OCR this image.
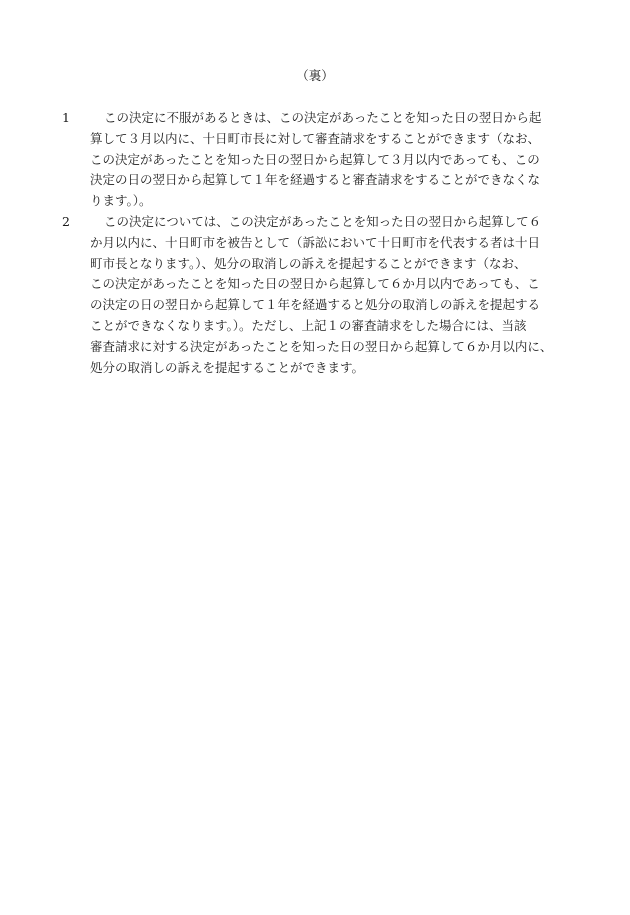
（裏）
1	この決定に不服があるときは、この決定があったことを知った日の翌日から起
算して３月以内に、十日町市長に対して審査請求をすることができます（なお、
この決定があったことを知った日の翌日から起算して３月以内であっても、この
決定の日の翌日から起算して１年を経過すると審査請求をすることができなくな
ります。）。
2	この決定については、この決定があったことを知った日の翌日から起算して６
か月以内に、十日町市を被告として（訴訟において十日町市を代表する者は十日
町市長となります。）、処分の取消しの訴えを提起することができます（なお、
この決定があったことを知った日の翌日から起算して６か月以内であっても、こ
の決定の日の翌日から起算して１年を経過すると処分の取消しの訴えを提起する
ことができなくなります。）。ただし、上記１の審査請求をした場合には、当該
審査請求に対する決定があったことを知った日の翌日から起算して６か月以内に、
処分の取消しの訴えを提起することができます。
